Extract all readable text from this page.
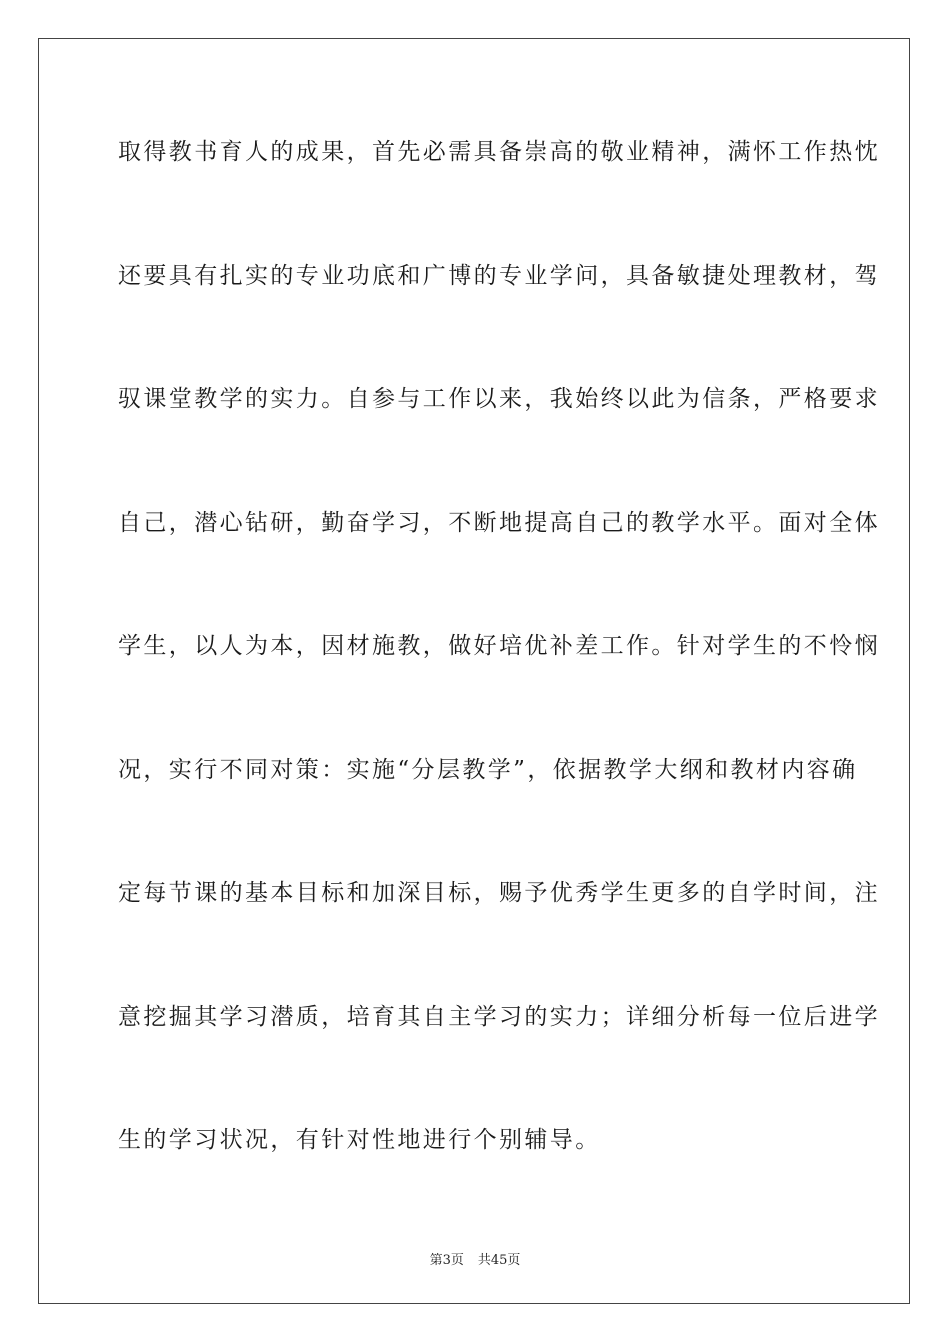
取得教书育人的成果，首先必需具备崇高的敬业精神，满怀工作热忱
还要具有扎实的专业功底和广博的专业学问，具备敏捷处理教材，驾
驭课堂教学的实力。自参与工作以来，我始终以此为信条，严格要求
自己，潜心钻研，勤奋学习，不断地提高自己的教学水平。面对全体
学生，以人为本，因材施教，做好培优补差工作。针对学生的不怜悯
况，实行不同对策：实施“分层教学”，依据教学大纲和教材内容确
定每节课的基本目标和加深目标，赐予优秀学生更多的自学时间，注
意挖掘其学习潜质，培育其自主学习的实力；详细分析每一位后进学
生的学习状况，有针对性地进行个别辅导。
第3页 共45页
